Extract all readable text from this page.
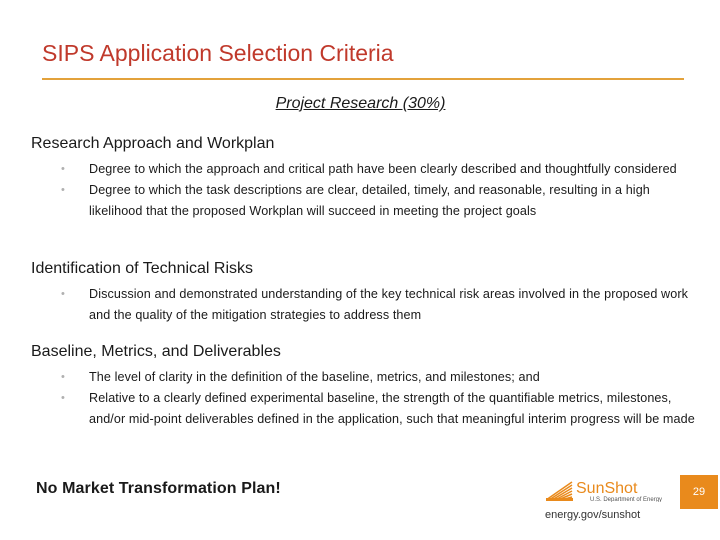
SIPS Application Selection Criteria
Project Research (30%)
Research Approach and Workplan
• Degree to which the approach and critical path have been clearly described and thoughtfully considered
• Degree to which the task descriptions are clear, detailed, timely, and reasonable, resulting in a high likelihood that the proposed Workplan will succeed in meeting the project goals
Identification of Technical Risks
• Discussion and demonstrated understanding of the key technical risk areas involved in the proposed work and the quality of the mitigation strategies to address them
Baseline, Metrics, and Deliverables
• The level of clarity in the definition of the baseline, metrics, and milestones; and
• Relative to a clearly defined experimental baseline, the strength of the quantifiable metrics, milestones, and/or mid-point deliverables defined in the application, such that meaningful interim progress will be made
No Market Transformation Plan!	SunShot
U.S. Department of Energy
energy.gov/sunshot
29
